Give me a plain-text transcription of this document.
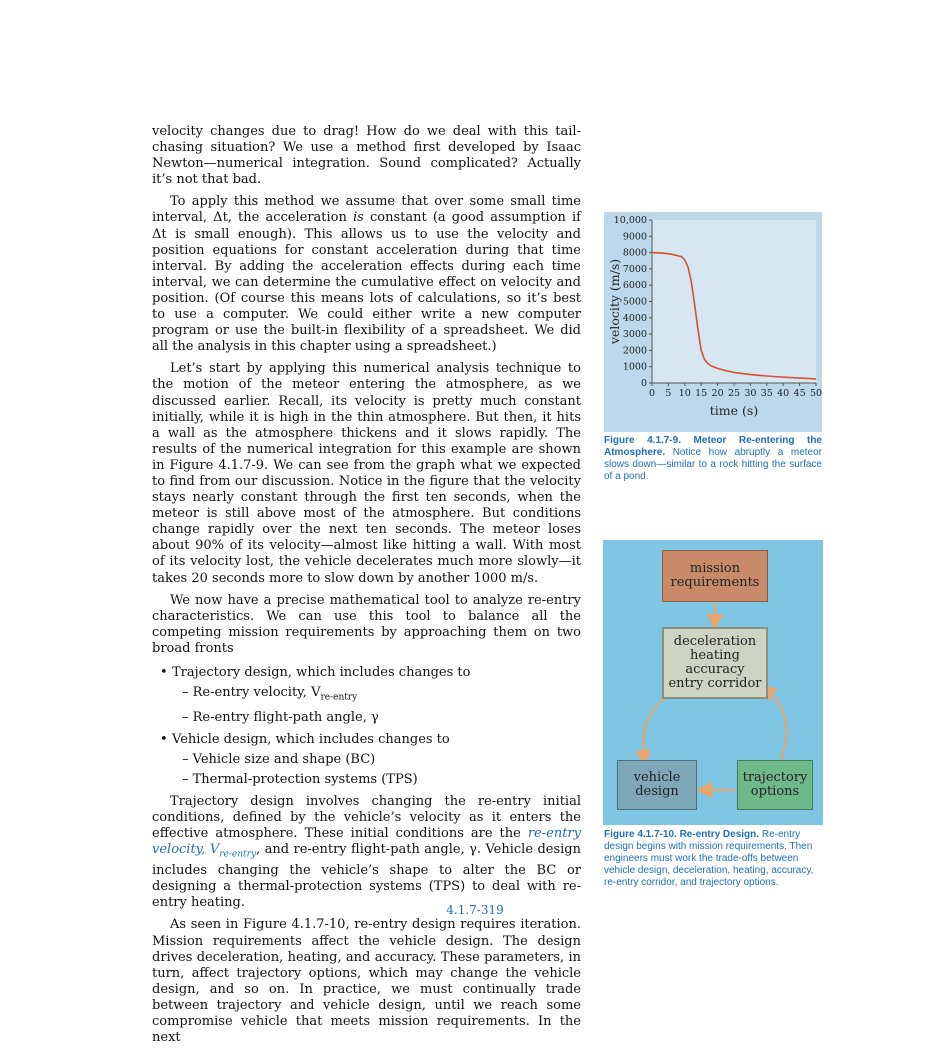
velocity changes due to drag! How do we deal with this tail-chasing situation? We use a method first developed by Isaac Newton—numerical integration. Sound complicated? Actually it’s not that bad.

To apply this method we assume that over some small time interval, Δt, the acceleration is constant (a good assumption if Δt is small enough). This allows us to use the velocity and position equations for constant acceleration during that time interval. By adding the acceleration effects during each time interval, we can determine the cumulative effect on velocity and position. (Of course this means lots of calculations, so it’s best to use a computer. We could either write a new computer program or use the built-in flexibility of a spreadsheet. We did all the analysis in this chapter using a spreadsheet.)

Let’s start by applying this numerical analysis technique to the motion of the meteor entering the atmosphere, as we discussed earlier. Recall, its velocity is pretty much constant initially, while it is high in the thin atmosphere. But then, it hits a wall as the atmosphere thickens and it slows rapidly. The results of the numerical integration for this example are shown in Figure 4.1.7-9. We can see from the graph what we expected to find from our discussion. Notice in the figure that the velocity stays nearly constant through the first ten seconds, when the meteor is still above most of the atmosphere. But conditions change rapidly over the next ten seconds. The meteor loses about 90% of its velocity—almost like hitting a wall. With most of its velocity lost, the vehicle decelerates much more slowly—it takes 20 seconds more to slow down by another 1000 m/s.

We now have a precise mathematical tool to analyze re-entry characteristics. We can use this tool to balance all the competing mission requirements by approaching them on two broad fronts

• Trajectory design, which includes changes to
– Re-entry velocity, $V_{re-entry}$
– Re-entry flight-path angle, γ
• Vehicle design, which includes changes to
– Vehicle size and shape (BC)
– Thermal-protection systems (TPS)

Trajectory design involves changing the re-entry initial conditions, defined by the vehicle’s velocity as it enters the effective atmosphere. These initial conditions are the re-entry velocity, $V_{re-entry}$, and re-entry flight-path angle, γ. Vehicle design includes changing the vehicle’s shape to alter the BC or designing a thermal-protection systems (TPS) to deal with re-entry heating.

As seen in Figure 4.1.7-10, re-entry design requires iteration. Mission requirements affect the vehicle design. The design drives deceleration, heating, and accuracy. These parameters, in turn, affect trajectory options, which may change the vehicle design, and so on. In practice, we must continually trade between trajectory and vehicle design, until we reach some compromise vehicle that meets mission requirements. In the next

0
1000
2000
3000
4000
5000
6000
7000
8000
9000
10,000
0 5 10 15 20 25 30 35 40 45 50
time (s)
velocity (m/s)
Figure 4.1.7-9. Meteor Re-entering the Atmosphere. Notice how abruptly a meteor slows down—similar to a rock hitting the surface of a pond.
mission
requirements
deceleration
heating
accuracy
entry corridor
vehicle
design
trajectory
options
Figure 4.1.7-10. Re-entry Design. Re-entry design begins with mission requirements. Then engineers must work the trade-offs between vehicle design, deceleration, heating, accuracy, re-entry corridor, and trajectory options.
4.1.7-319
